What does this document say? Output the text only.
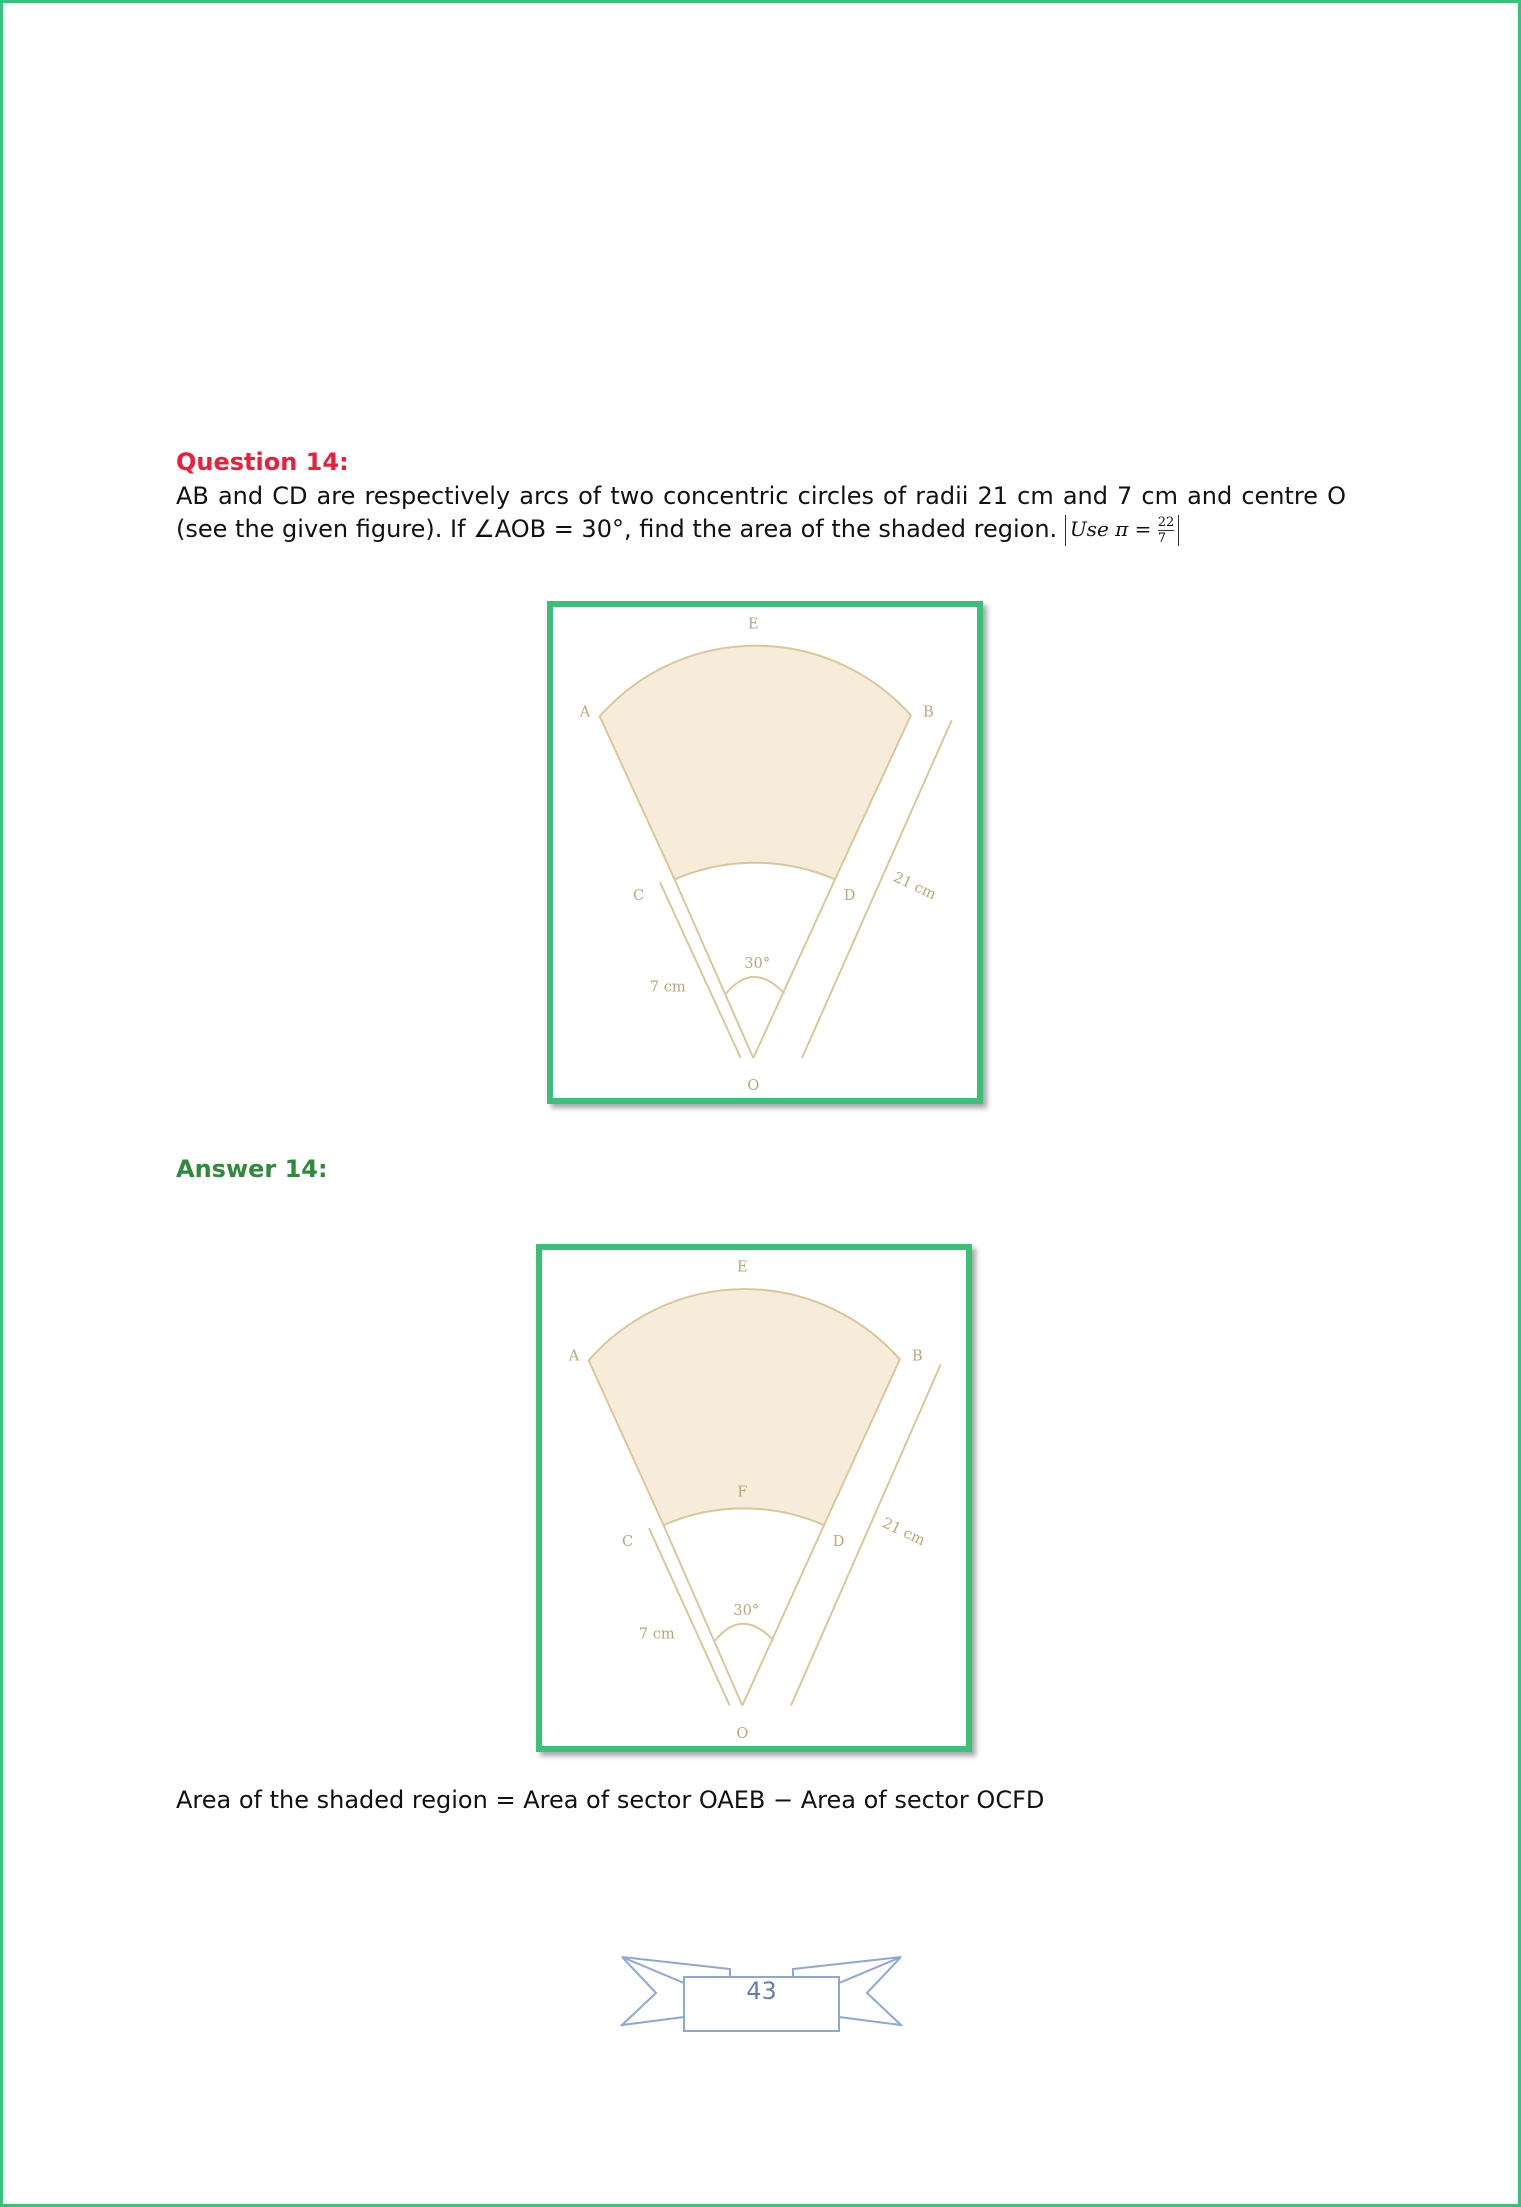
Question 14:
AB and CD are respectively arcs of two concentric circles of radii 21 cm and 7 cm and centre O (see the given figure). If ∠AOB = 30°, find the area of the shaded region. Use $\pi = \frac{22}{7}$
E
A	B
C	D
O
30°
7 cm
21 cm
Answer 14:
E
F
A	B
C	D
O
30°
7 cm
21 cm
Area of the shaded region = Area of sector OAEB − Area of sector OCFD
43
